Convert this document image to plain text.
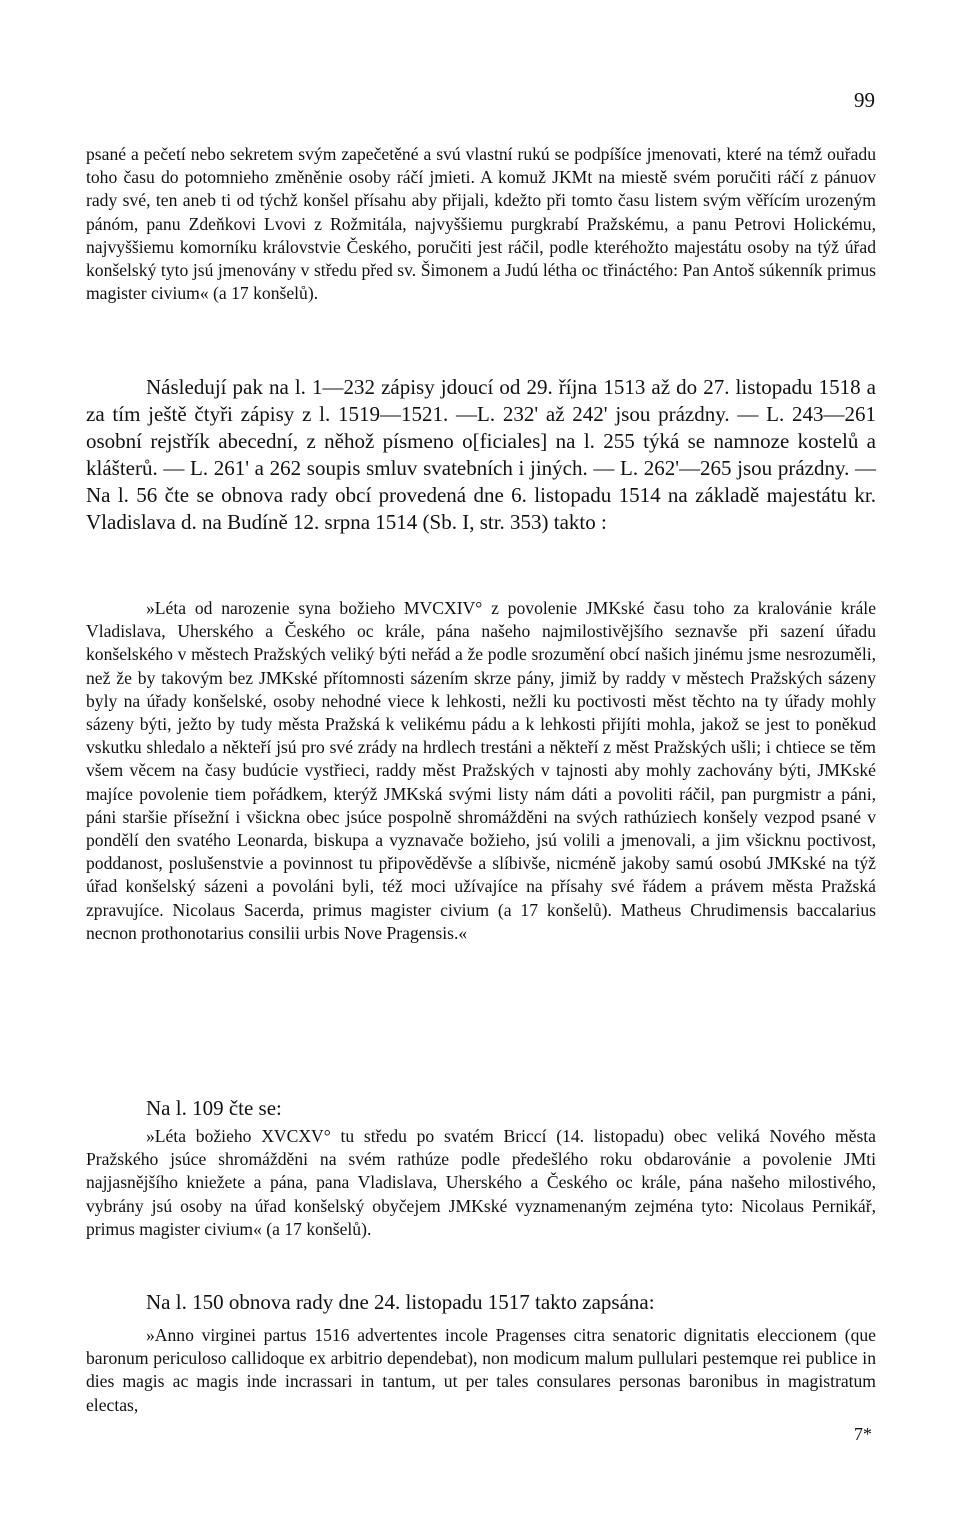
99

psané a pečetí nebo sekretem svým zapečetěné a svú vlastní rukú se podpíšíce jmenovati, které na témž ouřadu toho času do potomnieho změněnie osoby ráčí jmieti. A komuž JKMt na miestě svém poručiti ráčí z pánuov rady své, ten aneb ti od týchž konšel přísahu aby přijali, kdežto při tomto času listem svým věřícím urozeným pánóm, panu Zdeňkovi Lvovi z Rožmitála, najvyššiemu purgkrabí Pražskému, a panu Petrovi Holickému, najvyššiemu komorníku královstvie Českého, poručiti jest ráčil, podle kteréhožto majestátu osoby na týž úřad konšelský tyto jsú jmenovány v středu před sv. Šimonem a Judú létha oc třináctého: Pan Antoš súkenník primus magister civium« (a 17 konšelů).

Následují pak na l. 1—232 zápisy jdoucí od 29. října 1513 až do 27. listopadu 1518 a za tím ještě čtyři zápisy z l. 1519—1521. —L. 232' až 242' jsou prázdny. — L. 243—261 osobní rejstřík abecední, z něhož písmeno o[ficiales] na l. 255 týká se namnoze kostelů a klášterů. — L. 261' a 262 soupis smluv svatebních i jiných. — L. 262'—265 jsou prázdny. — Na l. 56 čte se obnova rady obcí provedená dne 6. listopadu 1514 na základě majestátu kr. Vladislava d. na Budíně 12. srpna 1514 (Sb. I, str. 353) takto :

»Léta od narozenie syna božieho MVCXIV° z povolenie JMKské času toho za kralovánie krále Vladislava, Uherského a Českého oc krále, pána našeho najmilostivějšího seznavše při sazení úřadu konšelského v městech Pražských veliký býti neřád a že podle srozumění obcí našich jinému jsme nesrozuměli, než že by takovým bez JMKské přítomnosti sázením skrze pány, jimiž by raddy v městech Pražských sázeny byly na úřady konšelské, osoby nehodné viece k lehkosti, nežli ku poctivosti měst těchto na ty úřady mohly sázeny býti, ježto by tudy města Pražská k velikému pádu a k lehkosti přijíti mohla, jakož se jest to poněkud vskutku shledalo a někteří jsú pro své zrády na hrdlech trestáni a někteří z měst Pražských ušli; i chtiece se těm všem věcem na časy budúcie vystřieci, raddy měst Pražských v tajnosti aby mohly zachovány býti, JMKské majíce povolenie tiem pořádkem, kterýž JMKská svými listy nám dáti a povoliti ráčil, pan purgmistr a páni, páni staršie přísežní i všickna obec jsúce pospolně shromážděni na svých rathúziech konšely vezpod psané v pondělí den svatého Leonarda, biskupa a vyznavače božieho, jsú volili a jmenovali, a jim všicknu poctivost, poddanost, poslušenstvie a povinnost tu připověděvše a slíbivše, nicméně jakoby samú osobú JMKské na týž úřad konšelský sázeni a povoláni byli, též moci užívajíce na přísahy své řádem a právem města Pražská zpravujíce. Nicolaus Sacerda, primus magister civium (a 17 konšelů). Matheus Chrudimensis baccalarius necnon prothonotarius consilii urbis Nove Pragensis.«

Na l. 109 čte se:

»Léta božieho XVCXV° tu středu po svatém Briccí (14. listopadu) obec veliká Nového města Pražského jsúce shromážděni na svém rathúze podle předešlého roku obdarovánie a povolenie JMti najjasnějšího kniežete a pána, pana Vladislava, Uherského a Českého oc krále, pána našeho milostivého, vybrány jsú osoby na úřad konšelský obyčejem JMKské vyznamenaným zejména tyto: Nicolaus Pernikář, primus magister civium« (a 17 konšelů).

Na l. 150 obnova rady dne 24. listopadu 1517 takto zapsána:

»Anno virginei partus 1516 advertentes incole Pragenses citra senatoric dignitatis eleccionem (que baronum periculoso callidoque ex arbitrio dependebat), non modicum malum pullulari pestemque rei publice in dies magis ac magis inde incrassari in tantum, ut per tales consulares personas baronibus in magistratum electas,

7*
